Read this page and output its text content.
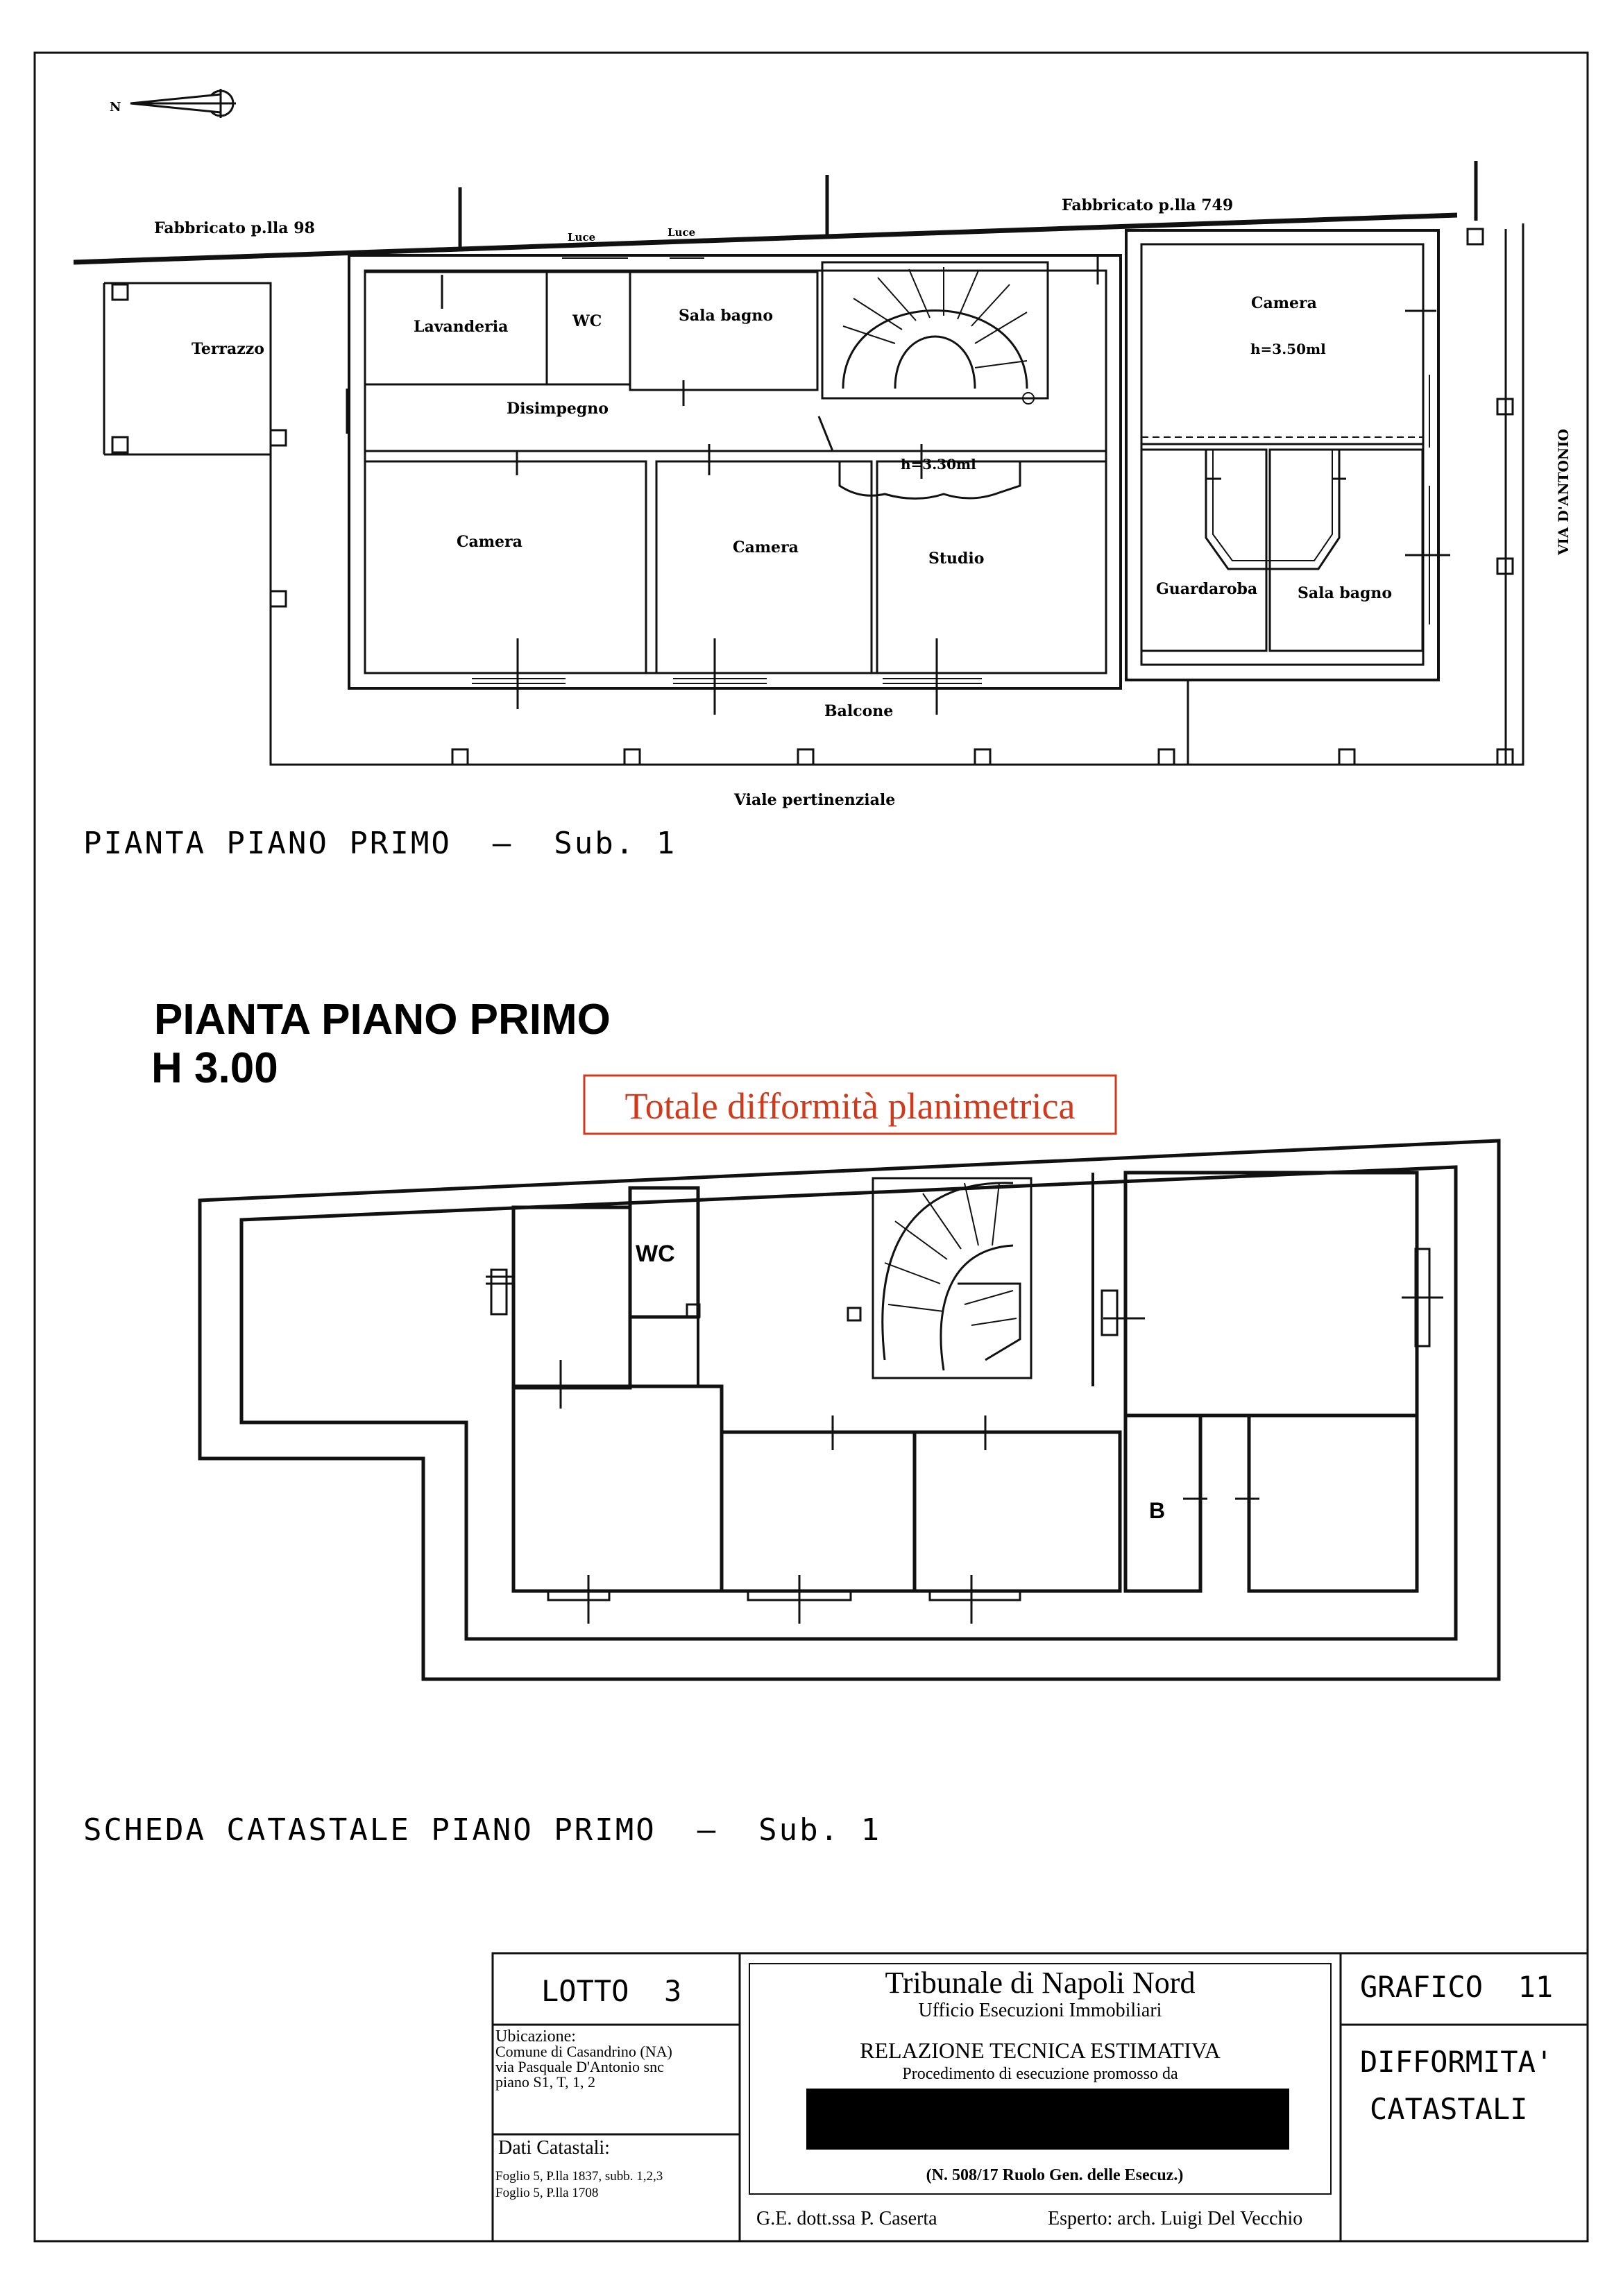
N
Fabbricato p.lla 98
Fabbricato p.lla 749
Luce	Luce
Terrazzo
Lavanderia	WC	Sala bagno
Camera
h=3.50ml
Disimpegno
h=3.30ml
Camera	Camera
Studio
Guardaroba	Sala bagno
Balcone
VIA D'ANTONIO
Viale pertinenziale
PIANTA PIANO PRIMO  —  Sub. 1
PIANTA PIANO PRIMO
H 3.00
Totale difformità planimetrica
WC
B
SCHEDA CATASTALE PIANO PRIMO  —  Sub. 1
LOTTO  3
Ubicazione:
Comune di Casandrino (NA)
via Pasquale D'Antonio snc
piano S1, T, 1, 2
Dati Catastali:
Foglio 5, P.lla 1837, subb. 1,2,3
Foglio 5, P.lla 1708
Tribunale di Napoli Nord
Ufficio Esecuzioni Immobiliari
RELAZIONE TECNICA ESTIMATIVA
Procedimento di esecuzione promosso da
(N. 508/17 Ruolo Gen. delle Esecuz.)
G.E. dott.ssa P. Caserta	Esperto: arch. Luigi Del Vecchio
GRAFICO  11
DIFFORMITA'
CATASTALI
